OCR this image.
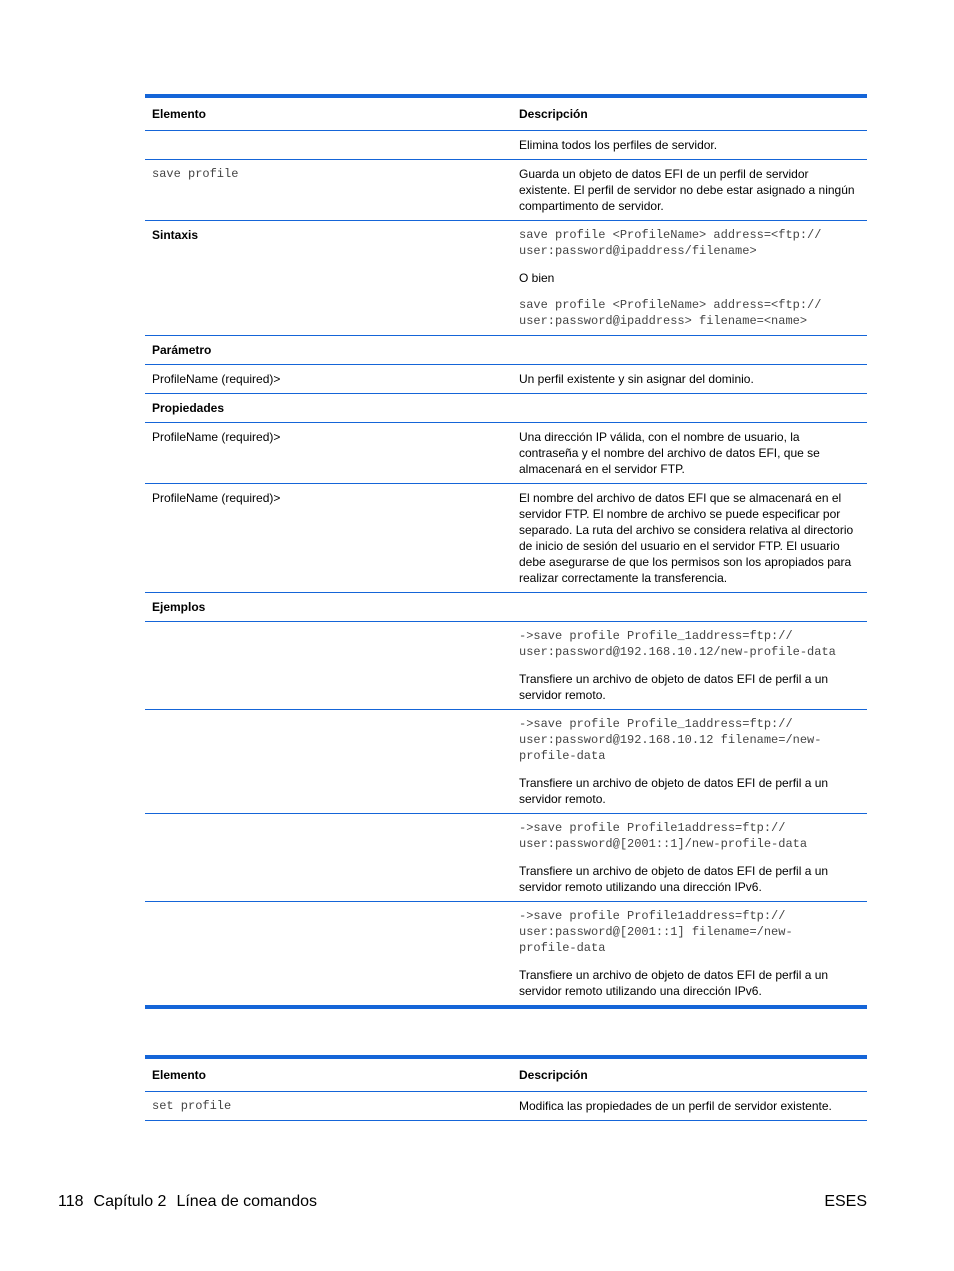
Elemento	Descripción

	Elimina todos los perfiles de servidor.

save profile	Guarda un objeto de datos EFI de un perfil de servidor existente. El perfil de servidor no debe estar asignado a ningún compartimento de servidor.

Sintaxis	save profile <ProfileName> address=<ftp://
user:password@ipaddress/filename>
O bien
save profile <ProfileName> address=<ftp://
user:password@ipaddress> filename=<name>

Parámetro	
ProfileName (required)>	Un perfil existente y sin asignar del dominio.

Propiedades	
ProfileName (required)>	Una dirección IP válida, con el nombre de usuario, la contraseña y el nombre del archivo de datos EFI, que se almacenará en el servidor FTP.

ProfileName (required)>	El nombre del archivo de datos EFI que se almacenará en el servidor FTP. El nombre de archivo se puede especificar por separado. La ruta del archivo se considera relativa al directorio de inicio de sesión del usuario en el servidor FTP. El usuario debe asegurarse de que los permisos son los apropiados para realizar correctamente la transferencia.

Ejemplos	

	->save profile Profile_1address=ftp://
user:password@192.168.10.12/new-profile-data
Transfiere un archivo de objeto de datos EFI de perfil a un servidor remoto.

	->save profile Profile_1address=ftp://
user:password@192.168.10.12 filename=/new-
profile-data
Transfiere un archivo de objeto de datos EFI de perfil a un servidor remoto.

	->save profile Profile1address=ftp://
user:password@[2001::1]/new-profile-data
Transfiere un archivo de objeto de datos EFI de perfil a un servidor remoto utilizando una dirección IPv6.

	->save profile Profile1address=ftp://
user:password@[2001::1] filename=/new-
profile-data
Transfiere un archivo de objeto de datos EFI de perfil a un servidor remoto utilizando una dirección IPv6.
Elemento	Descripción
set profile	Modifica las propiedades de un perfil de servidor existente.
118 Capítulo 2 Línea de comandos	ESES
